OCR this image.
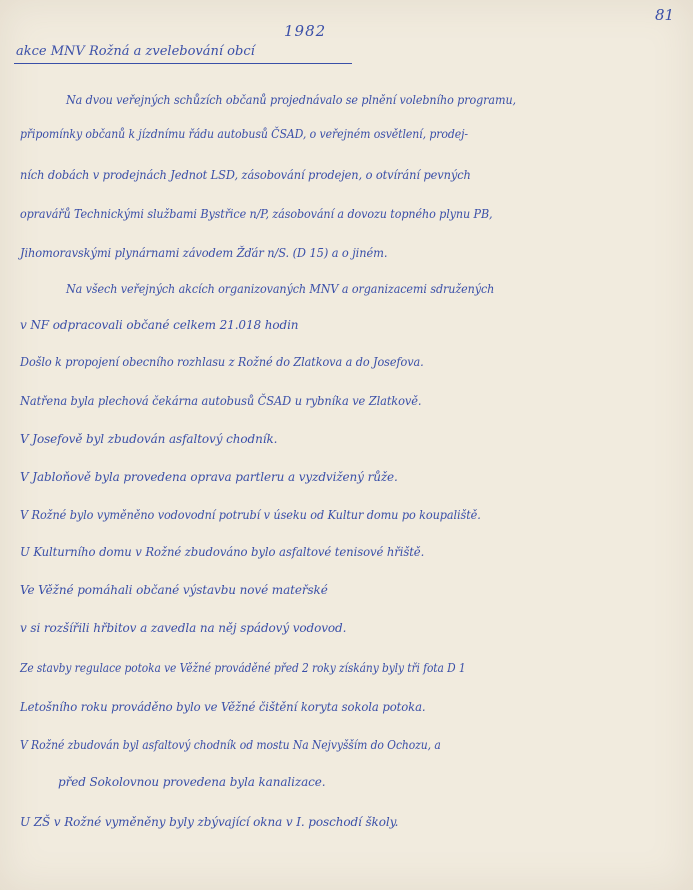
81
1982
akce MNV Rožná a zvelebování obcí
Na dvou veřejných schůzích občanů projednávalo se plnění volebního programu,
připomínky občanů k jízdnímu řádu autobusů ČSAD, o veřejném osvětlení, prodej-
ních dobách v prodejnách Jednot LSD, zásobování prodejen, o otvírání pevných
opravářů Technickými službami Bystřice n/P, zásobování a dovozu topného plynu PB,
Jihomoravskými plynárnami závodem Žďár n/S. (D 15) a o jiném.
Na všech veřejných akcích organizovaných MNV a organizacemi sdružených
v NF odpracovali občané celkem 21.018 hodin
Došlo k propojení obecního rozhlasu z Rožné do Zlatkova a do Josefova.
Natřena byla plechová čekárna autobusů ČSAD u rybníka ve Zlatkově.
V Josefově byl zbudován asfaltový chodník.
V Jabloňově byla provedena oprava partleru a vyzdvižený růže.
V Rožné bylo vyměněno vodovodní potrubí v úseku od Kultur domu po koupaliště.
U Kulturního domu v Rožné zbudováno bylo asfaltové tenisové hřiště.
Ve Věžné pomáhali občané výstavbu nové mateřské
v si rozšířili hřbitov a zavedla na něj spádový vodovod.
Ze stavby regulace potoka ve Věžné prováděné před 2 roky získány byly tři fota D 1
Letošního roku prováděno bylo ve Věžné čištění koryta sokola potoka.
V Rožné zbudován byl asfaltový chodník od mostu Na Nejvyšším do Ochozu, a
před Sokolovnou provedena byla kanalizace.
U ZŠ v Rožné vyměněny byly zbývající okna v I. poschodí školy.
